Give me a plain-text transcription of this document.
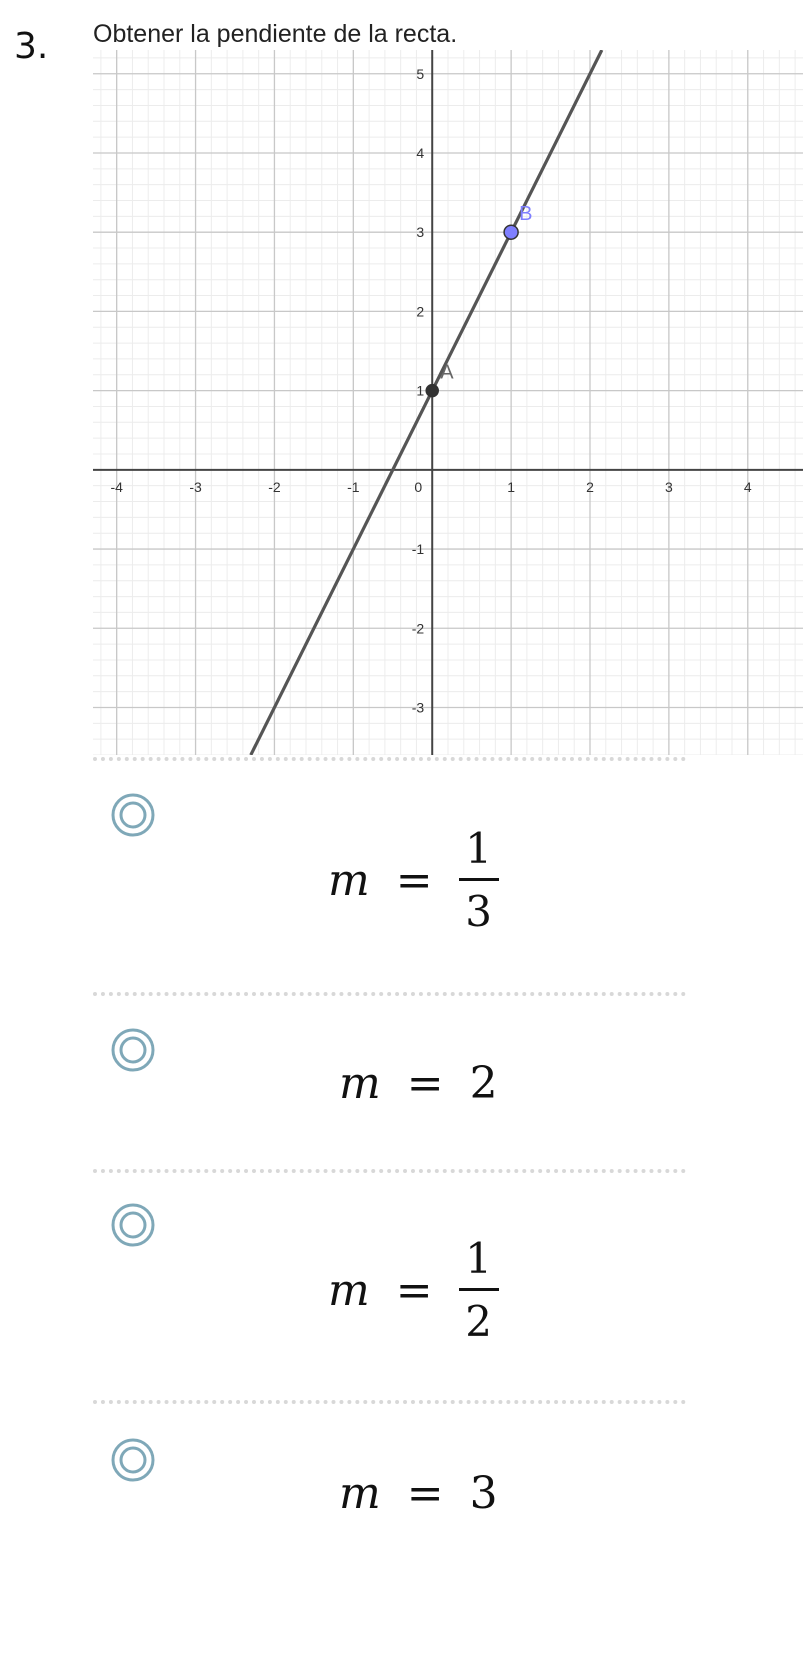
3. Obtener la pendiente de la recta.
-4	-3	-2	-1	0	1	2	3	4
-3
-2
-1
1
2
3
4
5
A
B
$m = \frac{1}{3}$
m = 2
$m = \frac{1}{2}$
m = 3
